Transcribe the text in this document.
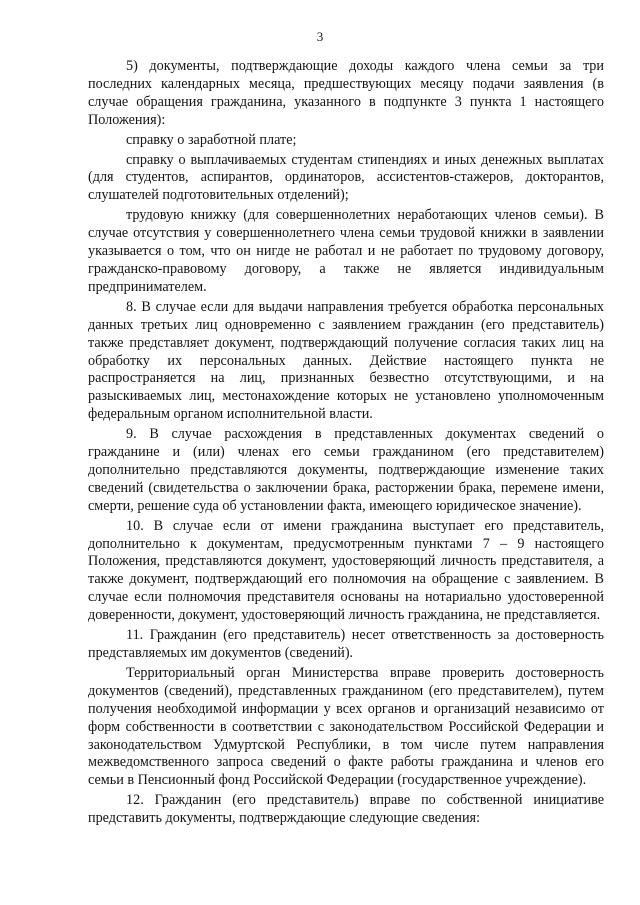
3

5) документы, подтверждающие доходы каждого члена семьи за три последних календарных месяца, предшествующих месяцу подачи заявления (в случае обращения гражданина, указанного в подпункте 3 пункта 1 настоящего Положения):

справку о заработной плате;

справку о выплачиваемых студентам стипендиях и иных денежных выплатах (для студентов, аспирантов, ординаторов, ассистентов-стажеров, докторантов, слушателей подготовительных отделений);

трудовую книжку (для совершеннолетних неработающих членов семьи). В случае отсутствия у совершеннолетнего члена семьи трудовой книжки в заявлении указывается о том, что он нигде не работал и не работает по трудовому договору, гражданско-правовому договору, а также не является индивидуальным предпринимателем.

8. В случае если для выдачи направления требуется обработка персональных данных третьих лиц одновременно с заявлением гражданин (его представитель) также представляет документ, подтверждающий получение согласия таких лиц на обработку их персональных данных. Действие настоящего пункта не распространяется на лиц, признанных безвестно отсутствующими, и на разыскиваемых лиц, местонахождение которых не установлено уполномоченным федеральным органом исполнительной власти.

9. В случае расхождения в представленных документах сведений о гражданине и (или) членах его семьи гражданином (его представителем) дополнительно представляются документы, подтверждающие изменение таких сведений (свидетельства о заключении брака, расторжении брака, перемене имени, смерти, решение суда об установлении факта, имеющего юридическое значение).

10. В случае если от имени гражданина выступает его представитель, дополнительно к документам, предусмотренным пунктами 7 – 9 настоящего Положения, представляются документ, удостоверяющий личность представителя, а также документ, подтверждающий его полномочия на обращение с заявлением. В случае если полномочия представителя основаны на нотариально удостоверенной доверенности, документ, удостоверяющий личность гражданина, не представляется.

11. Гражданин (его представитель) несет ответственность за достоверность представляемых им документов (сведений).

Территориальный орган Министерства вправе проверить достоверность документов (сведений), представленных гражданином (его представителем), путем получения необходимой информации у всех органов и организаций независимо от форм собственности в соответствии с законодательством Российской Федерации и законодательством Удмуртской Республики, в том числе путем направления межведомственного запроса сведений о факте работы гражданина и членов его семьи в Пенсионный фонд Российской Федерации (государственное учреждение).

12. Гражданин (его представитель) вправе по собственной инициативе представить документы, подтверждающие следующие сведения:
